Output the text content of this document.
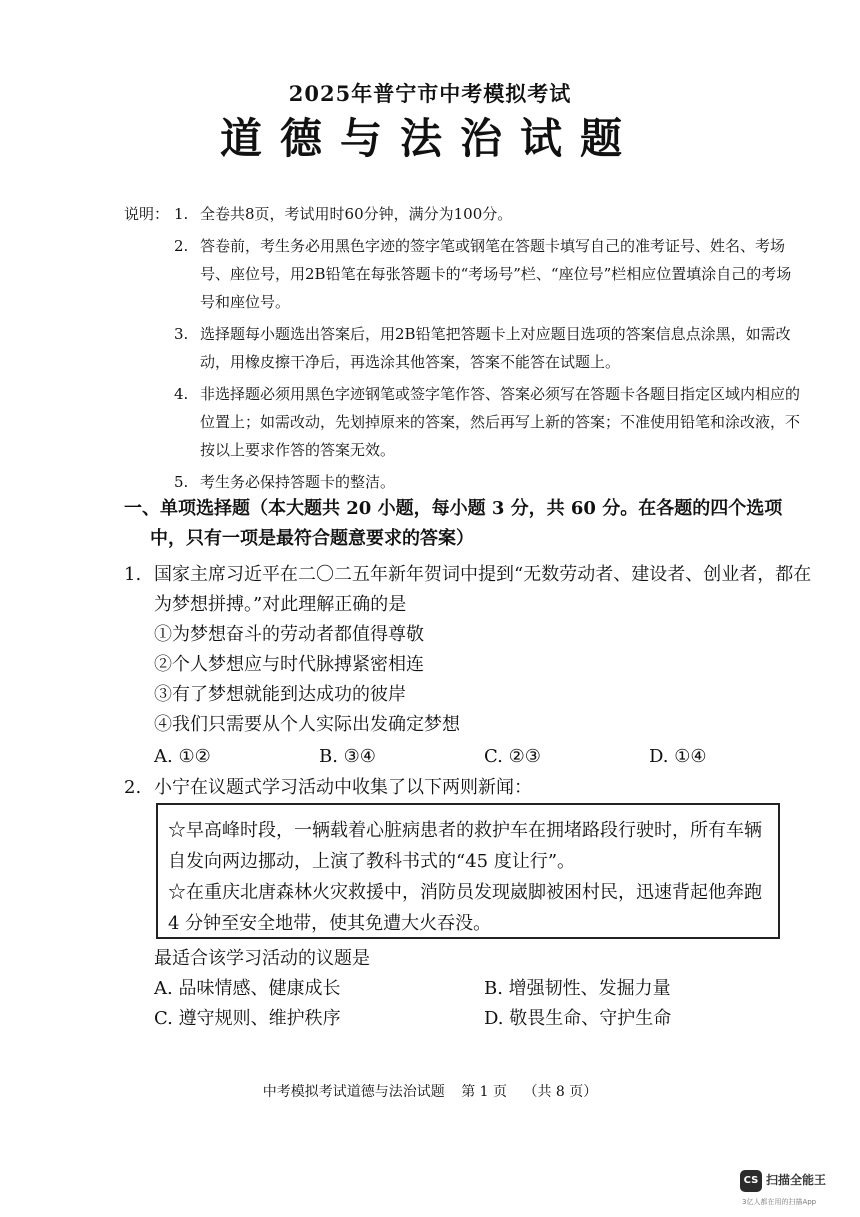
2025年普宁市中考模拟考试
道德与法治试题
说明： 1. 全卷共8页，考试用时60分钟，满分为100分。
2. 答卷前，考生务必用黑色字迹的签字笔或钢笔在答题卡填写自己的准考证号、姓名、考场号、座位号，用2B铅笔在每张答题卡的“考场号”栏、“座位号”栏相应位置填涂自己的考场号和座位号。
3. 选择题每小题选出答案后，用2B铅笔把答题卡上对应题目选项的答案信息点涂黑，如需改动，用橡皮擦干净后，再选涂其他答案，答案不能答在试题上。
4. 非选择题必须用黑色字迹钢笔或签字笔作答、答案必须写在答题卡各题目指定区域内相应的位置上；如需改动，先划掉原来的答案，然后再写上新的答案；不准使用铅笔和涂改液，不按以上要求作答的答案无效。
5. 考生务必保持答题卡的整洁。
一、单项选择题（本大题共 20 小题，每小题 3 分，共 60 分。在各题的四个选项
中，只有一项是最符合题意要求的答案）
1. 国家主席习近平在二〇二五年新年贺词中提到“无数劳动者、建设者、创业者，都在为梦想拼搏。”对此理解正确的是
①为梦想奋斗的劳动者都值得尊敬
②个人梦想应与时代脉搏紧密相连
③有了梦想就能到达成功的彼岸
④我们只需要从个人实际出发确定梦想
A. ①②	B. ③④	C. ②③	D. ①④
2. 小宁在议题式学习活动中收集了以下两则新闻：
☆早高峰时段，一辆载着心脏病患者的救护车在拥堵路段行驶时，所有车辆自发向两边挪动，上演了教科书式的“45 度让行”。
☆在重庆北唐森林火灾救援中，消防员发现崴脚被困村民，迅速背起他奔跑 4 分钟至安全地带，使其免遭大火吞没。
最适合该学习活动的议题是
A. 品味情感、健康成长	B. 增强韧性、发掘力量
C. 遵守规则、维护秩序	D. 敬畏生命、守护生命
中考模拟考试道德与法治试题 第 1 页 （共 8 页）
CS 扫描全能王
3亿人都在用的扫描App
